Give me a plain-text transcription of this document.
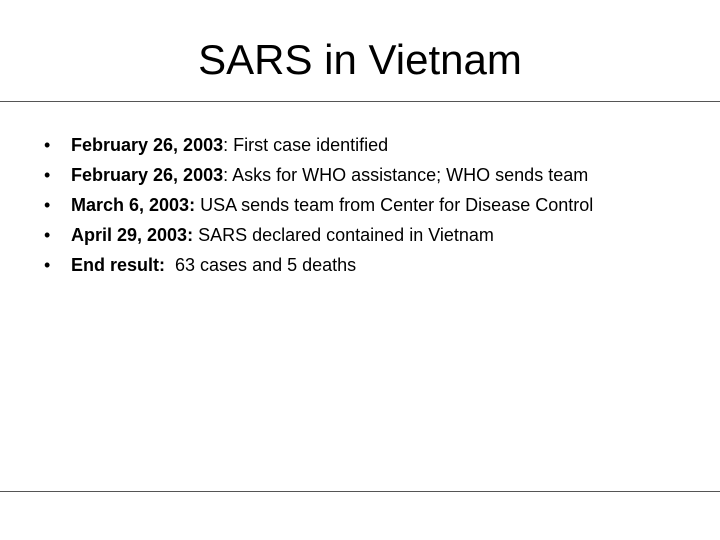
SARS in Vietnam
• February 26, 2003: First case identified
• February 26, 2003: Asks for WHO assistance; WHO sends team
• March 6, 2003: USA sends team from Center for Disease Control
• April 29, 2003: SARS declared contained in Vietnam
• End result:  63 cases and 5 deaths
